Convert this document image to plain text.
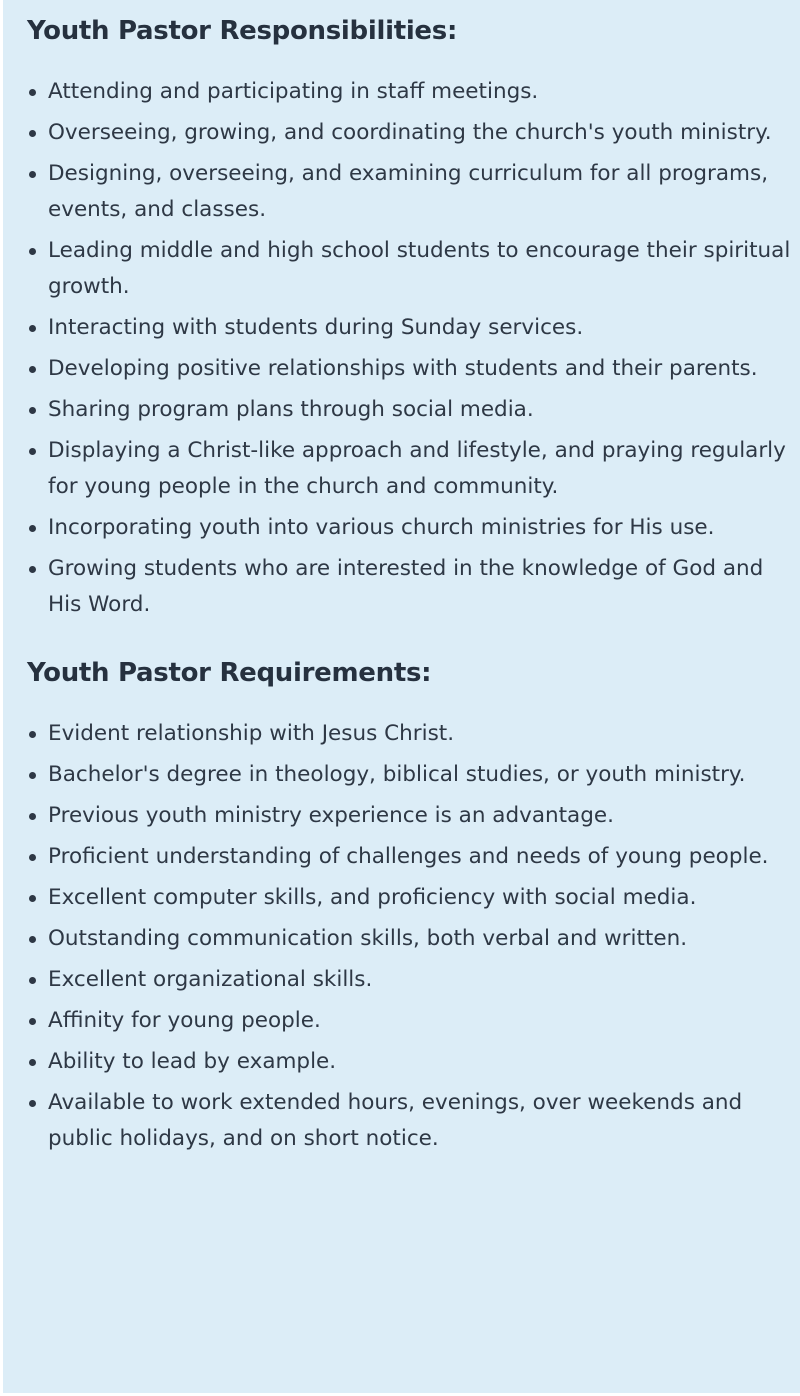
Youth Pastor Responsibilities:
Attending and participating in staff meetings.
Overseeing, growing, and coordinating the church's youth ministry.
Designing, overseeing, and examining curriculum for all programs, events, and classes.
Leading middle and high school students to encourage their spiritual growth.
Interacting with students during Sunday services.
Developing positive relationships with students and their parents.
Sharing program plans through social media.
Displaying a Christ-like approach and lifestyle, and praying regularly for young people in the church and community.
Incorporating youth into various church ministries for His use.
Growing students who are interested in the knowledge of God and His Word.
Youth Pastor Requirements:
Evident relationship with Jesus Christ.
Bachelor's degree in theology, biblical studies, or youth ministry.
Previous youth ministry experience is an advantage.
Proficient understanding of challenges and needs of young people.
Excellent computer skills, and proficiency with social media.
Outstanding communication skills, both verbal and written.
Excellent organizational skills.
Affinity for young people.
Ability to lead by example.
Available to work extended hours, evenings, over weekends and public holidays, and on short notice.
